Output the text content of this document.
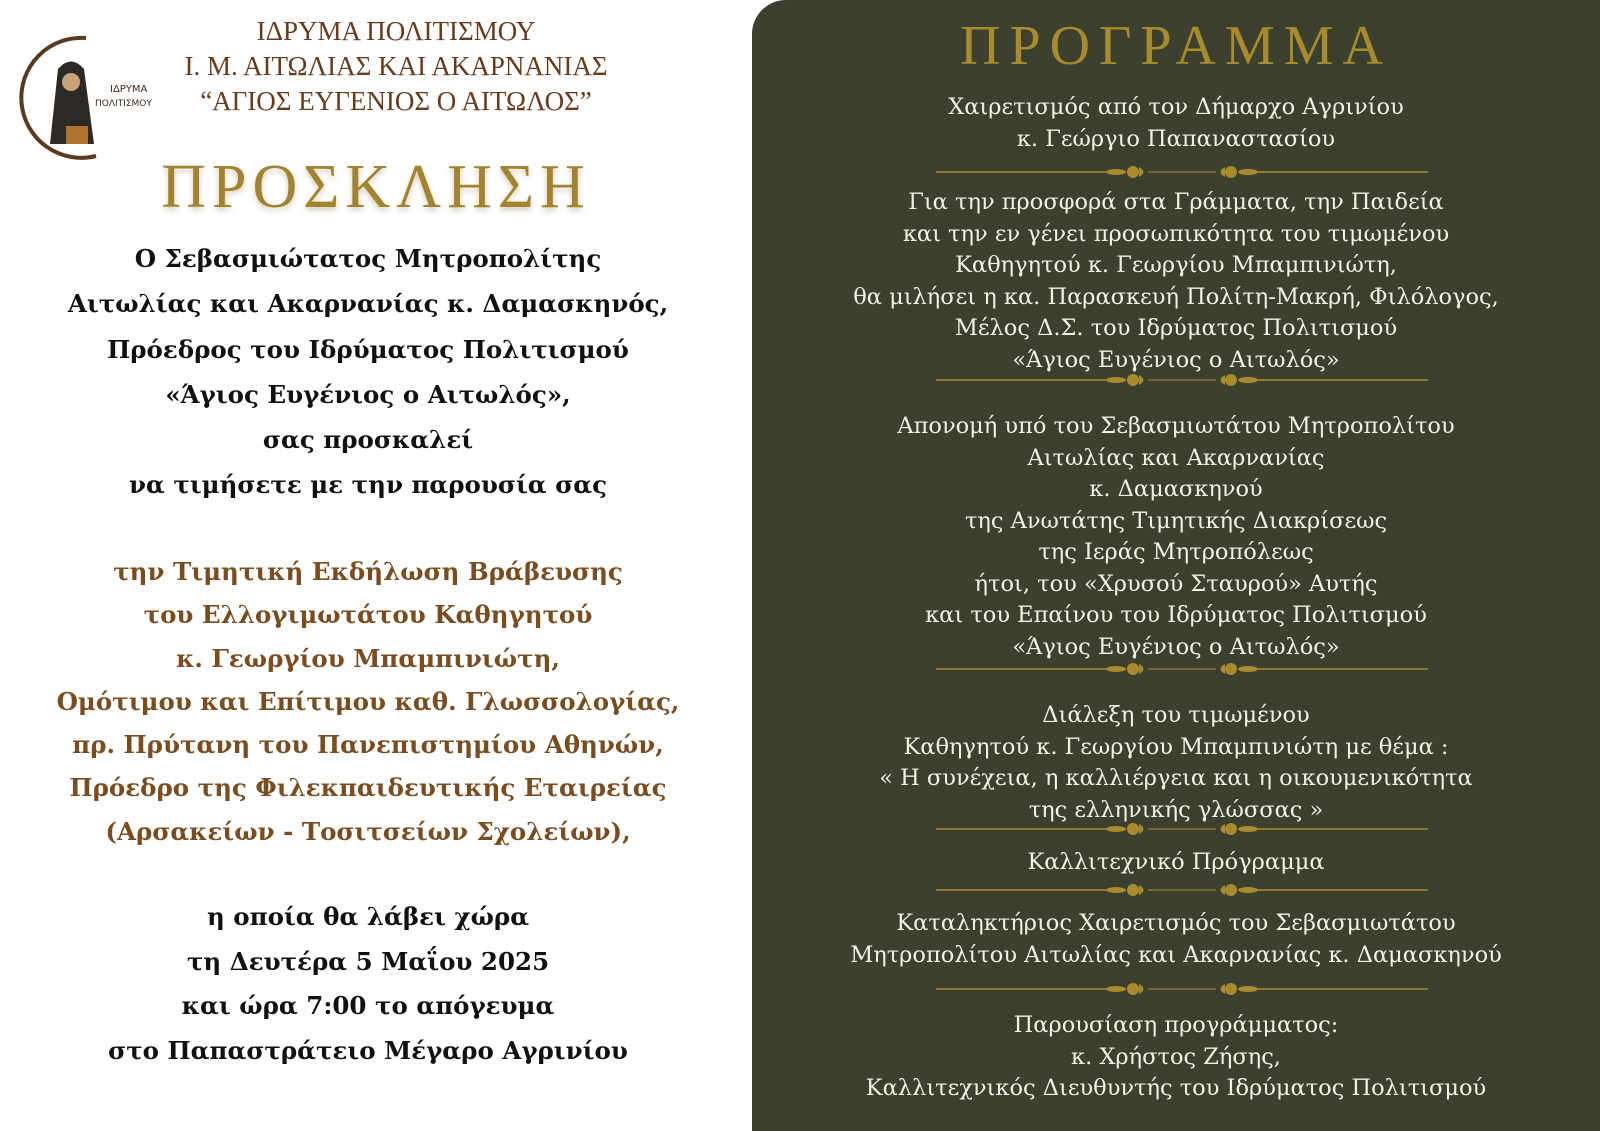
ΙΔΡΥΜΑ
ΠΟΛΙΤΙΣΜΟΥ
ΙΔΡΥΜΑ ΠΟΛΙΤΙΣΜΟΥ
Ι. Μ. ΑΙΤΩΛΙΑΣ ΚΑΙ ΑΚΑΡΝΑΝΙΑΣ
“ΑΓΙΟΣ ΕΥΓΕΝΙΟΣ Ο ΑΙΤΩΛΟΣ”
ΠΡΟΣΚΛΗΣΗ
Ο Σεβασμιώτατος Μητροπολίτης
Αιτωλίας και Ακαρνανίας κ. Δαμασκηνός,
Πρόεδρος του Ιδρύματος Πολιτισμού
«Άγιος Ευγένιος ο Αιτωλός»,
σας προσκαλεί
να τιμήσετε με την παρουσία σας
την Τιμητική Εκδήλωση Βράβευσης
του Ελλογιμωτάτου Καθηγητού
κ. Γεωργίου Μπαμπινιώτη,
Ομότιμου και Επίτιμου καθ. Γλωσσολογίας,
πρ. Πρύτανη του Πανεπιστημίου Αθηνών,
Πρόεδρο της Φιλεκπαιδευτικής Εταιρείας
(Αρσακείων - Τοσιτσείων Σχολείων),
η οποία θα λάβει χώρα
τη Δευτέρα 5 Μαΐου 2025
και ώρα 7:00 το απόγευμα
στο Παπαστράτειο Μέγαρο Αγρινίου
ΠΡΟΓΡΑΜΜΑ
Χαιρετισμός από τον Δήμαρχο Αγρινίου
κ. Γεώργιο Παπαναστασίου
Για την προσφορά στα Γράμματα, την Παιδεία
και την εν γένει προσωπικότητα του τιμωμένου
Καθηγητού κ. Γεωργίου Μπαμπινιώτη,
θα μιλήσει η κα. Παρασκευή Πολίτη-Μακρή, Φιλόλογος,
Μέλος Δ.Σ. του Ιδρύματος Πολιτισμού
«Άγιος Ευγένιος ο Αιτωλός»
Απονομή υπό του Σεβασμιωτάτου Μητροπολίτου
Αιτωλίας και Ακαρνανίας
κ. Δαμασκηνού
της Ανωτάτης Τιμητικής Διακρίσεως
της Ιεράς Μητροπόλεως
ήτοι, του «Χρυσού Σταυρού» Αυτής
και του Επαίνου του Ιδρύματος Πολιτισμού
«Άγιος Ευγένιος ο Αιτωλός»
Διάλεξη του τιμωμένου
Καθηγητού κ. Γεωργίου Μπαμπινιώτη με θέμα :
« Η συνέχεια, η καλλιέργεια και η οικουμενικότητα
της ελληνικής γλώσσας »
Καλλιτεχνικό Πρόγραμμα
Καταληκτήριος Χαιρετισμός του Σεβασμιωτάτου
Μητροπολίτου Αιτωλίας και Ακαρνανίας κ. Δαμασκηνού
Παρουσίαση προγράμματος:
κ. Χρήστος Ζήσης,
Καλλιτεχνικός Διευθυντής του Ιδρύματος Πολιτισμού
